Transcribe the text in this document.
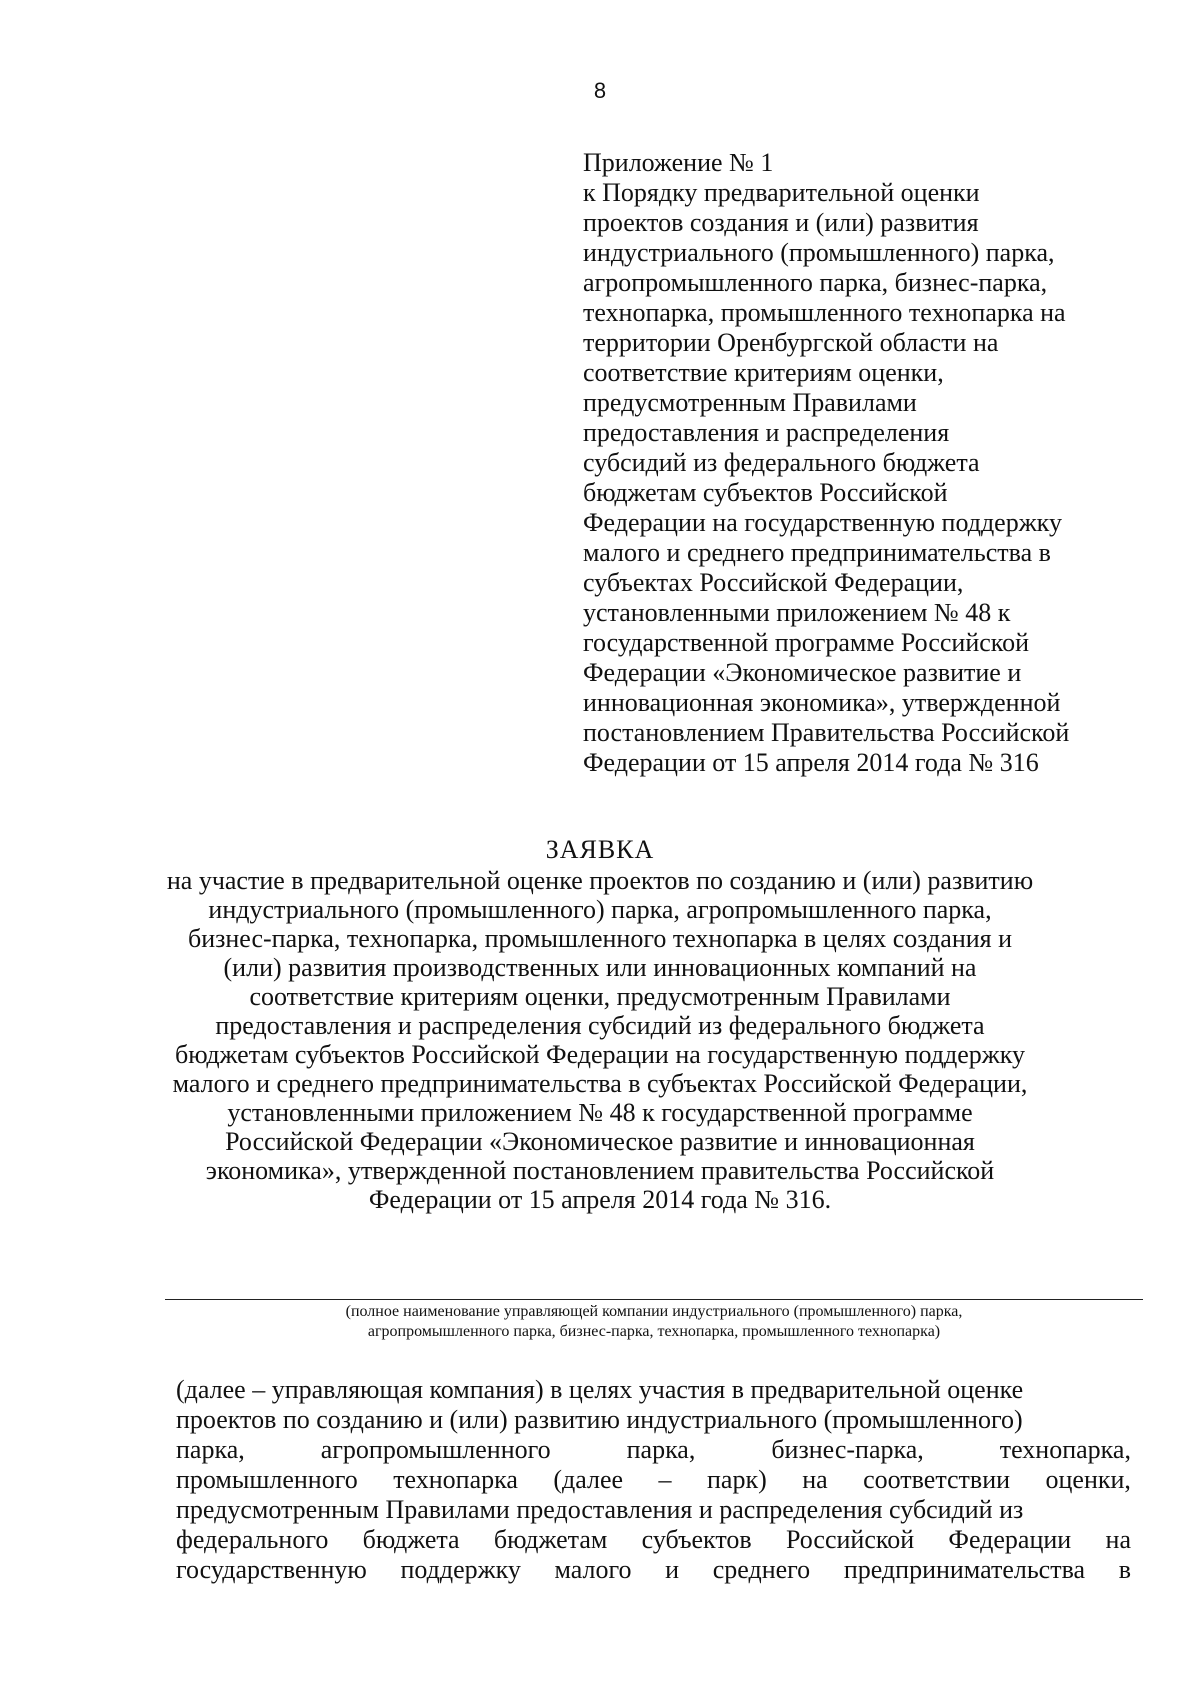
8
Приложение № 1
к Порядку предварительной оценки
проектов создания и (или) развития
индустриального (промышленного) парка,
агропромышленного парка, бизнес-парка,
технопарка, промышленного технопарка на
территории Оренбургской области на
соответствие критериям оценки,
предусмотренным Правилами
предоставления и распределения
субсидий из федерального бюджета
бюджетам субъектов Российской
Федерации на государственную поддержку
малого и среднего предпринимательства в
субъектах Российской Федерации,
установленными приложением № 48 к
государственной программе Российской
Федерации «Экономическое развитие и
инновационная экономика», утвержденной
постановлением Правительства Российской
Федерации от 15 апреля 2014 года № 316
ЗАЯВКА
на участие в предварительной оценке проектов по созданию и (или) развитию
индустриального (промышленного) парка, агропромышленного парка,
бизнес-парка, технопарка, промышленного технопарка в целях создания и
(или) развития производственных или инновационных компаний на
соответствие критериям оценки, предусмотренным Правилами
предоставления и распределения субсидий из федерального бюджета
бюджетам субъектов Российской Федерации на государственную поддержку
малого и среднего предпринимательства в субъектах Российской Федерации,
установленными приложением № 48 к государственной программе
Российской Федерации «Экономическое развитие и инновационная
экономика», утвержденной постановлением правительства Российской
Федерации от 15 апреля 2014 года № 316.
(полное наименование управляющей компании индустриального (промышленного) парка,
агропромышленного парка, бизнес-парка, технопарка, промышленного технопарка)
(далее – управляющая компания) в целях участия в предварительной оценке
проектов по созданию и (или) развитию индустриального (промышленного)
парка,	агропромышленного	парка,	бизнес-парка,	технопарка,
промышленного технопарка (далее – парк) на соответствии оценки,
предусмотренным Правилами предоставления и распределения субсидий из
федерального бюджета бюджетам субъектов Российской Федерации на
государственную поддержку малого и среднего предпринимательства в
